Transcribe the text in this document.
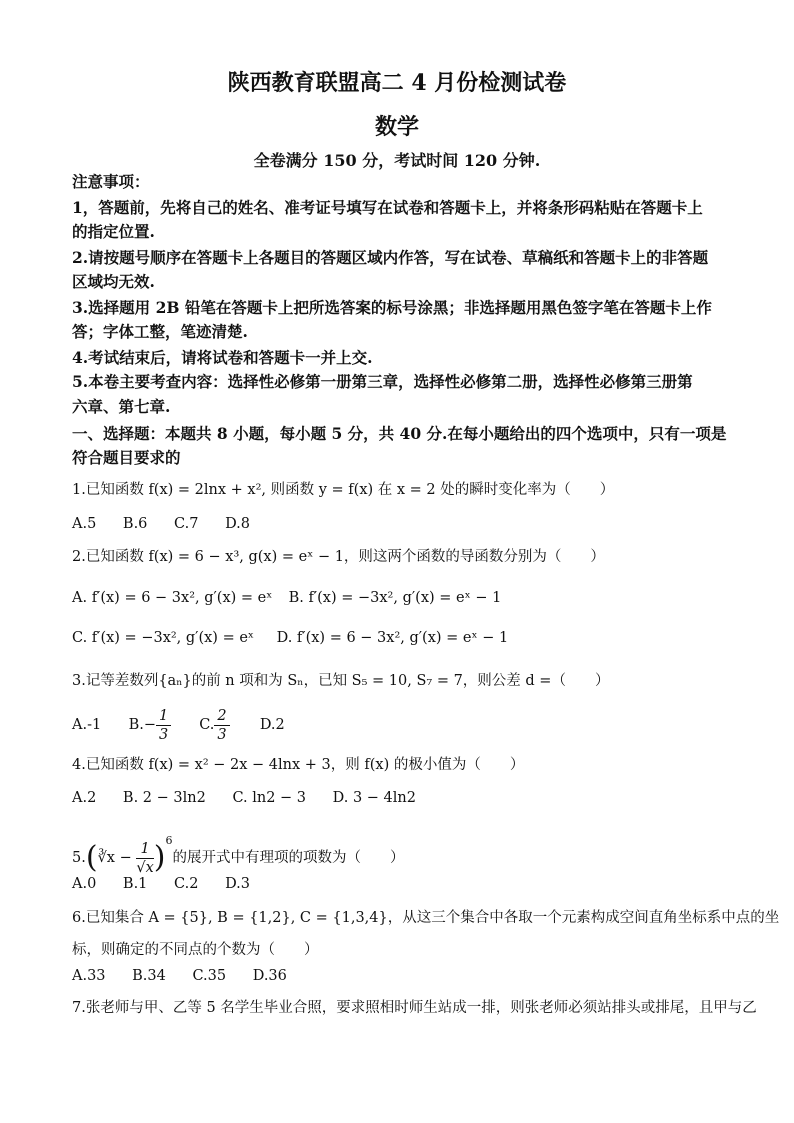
陕西教育联盟高二 4 月份检测试卷
数学
全卷满分 150 分，考试时间 120 分钟.
注意事项：
1，答题前，先将自己的姓名、准考证号填写在试卷和答题卡上，并将条形码粘贴在答题卡上
的指定位置.
2.请按题号顺序在答题卡上各题目的答题区域内作答，写在试卷、草稿纸和答题卡上的非答题
区域均无效.
3.选择题用 2B 铅笔在答题卡上把所选答案的标号涂黑；非选择题用黑色签字笔在答题卡上作
答；字体工整，笔迹清楚.
4.考试结束后，请将试卷和答题卡一并上交.
5.本卷主要考查内容：选择性必修第一册第三章，选择性必修第二册，选择性必修第三册第
六章、第七章.
一、选择题：本题共 8 小题，每小题 5 分，共 40 分.在每小题给出的四个选项中，只有一项是
符合题目要求的
1.已知函数 f(x) = 2lnx + x², 则函数 y = f(x) 在 x = 2 处的瞬时变化率为（　　）
A.5 B.6 C.7 D.8
2.已知函数 f(x) = 6 − x³, g(x) = eˣ − 1，则这两个函数的导函数分别为（　　）
A. f′(x) = 6 − 3x², g′(x) = eˣ B. f′(x) = −3x², g′(x) = eˣ − 1
C. f′(x) = −3x², g′(x) = eˣ D. f′(x) = 6 − 3x², g′(x) = eˣ − 1
3.记等差数列{aₙ}的前 n 项和为 Sₙ，已知 S₅ = 10, S₇ = 7，则公差 d =（　　）
A.-1 $B.- \frac{1}{3} C$. $\frac{2}{3} D.2$
4.已知函数 f(x) = x² − 2x − 4lnx + 3，则 f(x) 的极小值为（　　）
A.2 B. 2 − 3ln2 C. ln2 − 3 D. 3 − 4ln2
5.(∛x − $\frac{1}{√x} )^6$的展开式中有理项的项数为（　　）
A.0 B.1 C.2 D.3
6.已知集合 A = {5}, B = {1,2}, C = {1,3,4}，从这三个集合中各取一个元素构成空间直角坐标系中点的坐
标，则确定的不同点的个数为（　　）
A.33 B.34 C.35 D.36
7.张老师与甲、乙等 5 名学生毕业合照，要求照相时师生站成一排，则张老师必须站排头或排尾，且甲与乙
